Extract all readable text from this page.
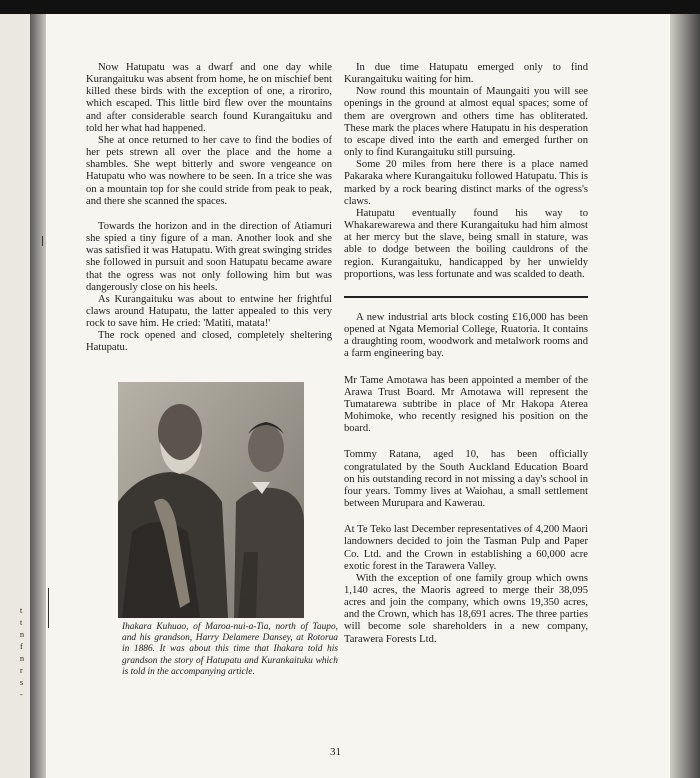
t
t
n
f
n
r
s
-

Now Hatupatu was a dwarf and one day while Kurangaituku was absent from home, he on mischief bent killed these birds with the exception of one, a riroriro, which escaped. This little bird flew over the mountains and after considerable search found Kurangaituku and told her what had happened.

She at once returned to her cave to find the bodies of her pets strewn all over the place and the home a shambles. She wept bitterly and swore vengeance on Hatupatu who was nowhere to be seen. In a trice she was on a mountain top for she could stride from peak to peak, and there she scanned the spaces.

Towards the horizon and in the direction of Atiamuri she spied a tiny figure of a man. Another look and she was satisfied it was Hatupatu. With great swinging strides she followed in pursuit and soon Hatupatu became aware that the ogress was not only following him but was dangerously close on his heels.

As Kurangaituku was about to entwine her frightful claws around Hatupatu, the latter appealed to this very rock to save him. He cried: 'Matiti, matata!'

The rock opened and closed, completely sheltering Hatupatu.

In due time Hatupatu emerged only to find Kurangaituku waiting for him.

Now round this mountain of Maungaiti you will see openings in the ground at almost equal spaces; some of them are overgrown and others time has obliterated. These mark the places where Hatupatu in his desperation to escape dived into the earth and emerged further on only to find Kurangaituku still pursuing.

Some 20 miles from here there is a place named Pakaraka where Kurangaituku followed Hatupatu. This is marked by a rock bearing distinct marks of the ogress's claws.

Hatupatu eventually found his way to Whakarewarewa and there Kurangaituku had him almost at her mercy but the slave, being small in stature, was able to dodge between the boiling cauldrons of the region. Kurangaituku, handicapped by her unwieldy proportions, was less fortunate and was scalded to death.

A new industrial arts block costing £16,000 has been opened at Ngata Memorial College, Ruatoria. It contains a draughting room, woodwork and metalwork rooms and a farm engineering bay.

Mr Tame Amotawa has been appointed a member of the Arawa Trust Board. Mr Amotawa will represent the Tumatarewa subtribe in place of Mr Hakopa Aterea Mohimoke, who recently resigned his position on the board.

Tommy Ratana, aged 10, has been officially congratulated by the South Auckland Education Board on his outstanding record in not missing a day's school in four years. Tommy lives at Waiohau, a small settlement between Murupara and Kawerau.

At Te Teko last December representatives of 4,200 Maori landowners decided to join the Tasman Pulp and Paper Co. Ltd. and the Crown in establishing a 60,000 acre exotic forest in the Tarawera Valley.

With the exception of one family group which owns 1,140 acres, the Maoris agreed to merge their 38,095 acres and join the company, which owns 19,350 acres, and the Crown, which has 18,691 acres. The three parties will become sole shareholders in a new company, Tarawera Forests Ltd.

Ihakara Kuhuao, of Maroa-nui-a-Tia, north of Taupo, and his grandson, Harry Delamere Dansey, at Rotorua in 1886. It was about this time that Ihakara told his grandson the story of Hatupatu and Kurankaituku which is told in the accompanying article.
31
